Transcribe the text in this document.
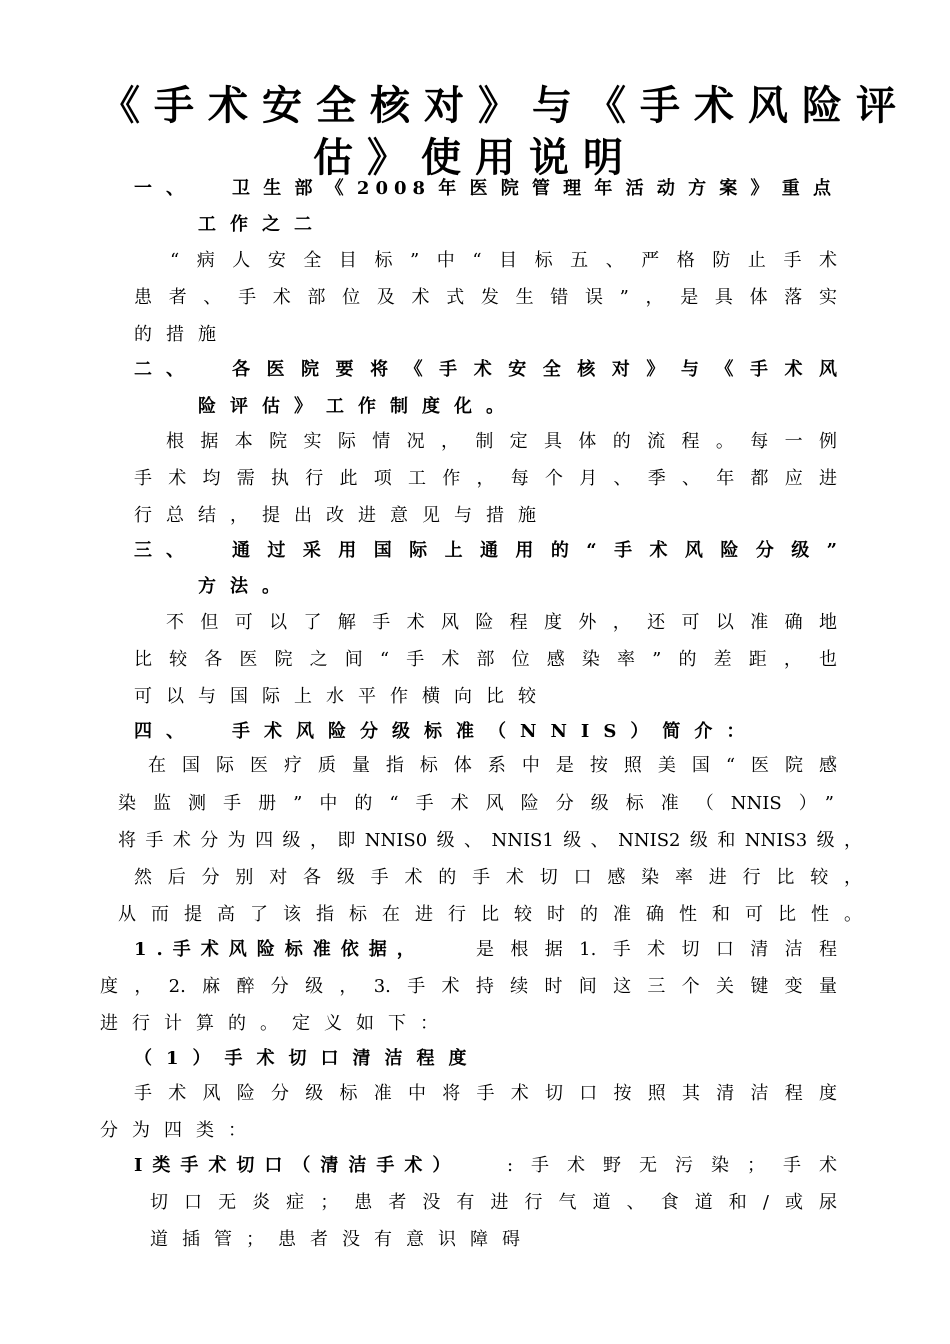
《手术安全核对》与《手术风险评
估》使用说明
一、 卫生部《2008年医院管理年活动方案》重点
工作之二
“病人安全目标”中“目标五、严格防止手术
患者、手术部位及术式发生错误”，是具体落实
的措施
二、 各医院要将《手术安全核对》与《手术风
险评估》工作制度化。
根据本院实际情况，制定具体的流程。每一例
手术均需执行此项工作，每个月、季、年都应进
行总结，提出改进意见与措施
三、 通过采用国际上通用的“手术风险分级”
方法。
不但可以了解手术风险程度外，还可以准确地
比较各医院之间“手术部位感染率”的差距，也
可以与国际上水平作横向比较
四、 手术风险分级标准（NNIS）简介：
在国际医疗质量指标体系中是按照美国“医院感
染监测手册”中的“手术风险分级标准（NNIS）”
将手术分为四级，即NNIS0级、NNIS1级、NNIS2级和NNIS3级，
然后分别对各级手术的手术切口感染率进行比较，
从而提高了该指标在进行比较时的准确性和可比性。
1.手术风险标准依据，	是根据1.手术切口清洁程
度，2.麻醉分级，3.手术持续时间这三个关键变量
进行计算的。定义如下：
（1）手术切口清洁程度
手术风险分级标准中将手术切口按照其清洁程度
分为四类：
I类手术切口（清洁手术）	:手术野无污染；手术
切口无炎症；患者没有进行气道、食道和/或尿
道插管；患者没有意识障碍
